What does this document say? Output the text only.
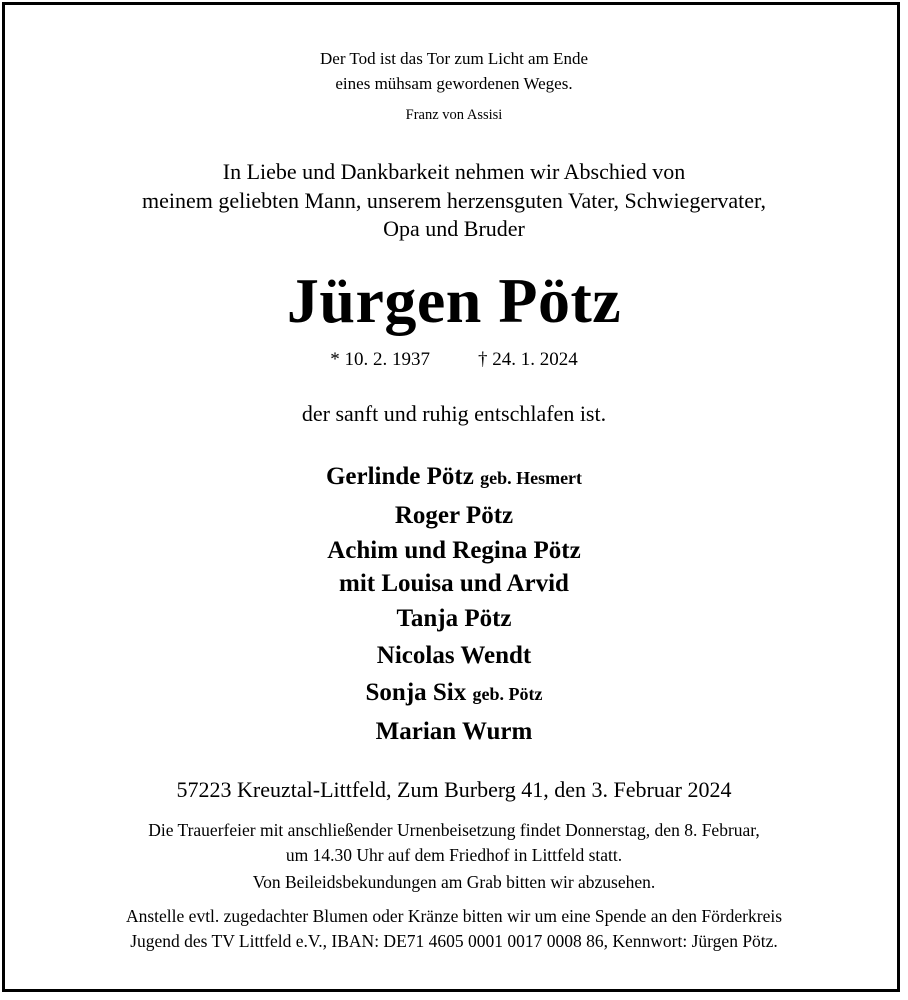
Der Tod ist das Tor zum Licht am Ende
eines mühsam gewordenen Weges.
Franz von Assisi
In Liebe und Dankbarkeit nehmen wir Abschied von
meinem geliebten Mann, unserem herzensguten Vater, Schwiegervater,
Opa und Bruder
Jürgen Pötz
* 10. 2. 1937	† 24. 1. 2024
der sanft und ruhig entschlafen ist.
Gerlinde Pötz geb. Hesmert
Roger Pötz
Achim und Regina Pötz
mit Louisa und Arvid
Tanja Pötz
Nicolas Wendt
Sonja Six geb. Pötz
Marian Wurm
57223 Kreuztal-Littfeld, Zum Burberg 41, den 3. Februar 2024
Die Trauerfeier mit anschließender Urnenbeisetzung findet Donnerstag, den 8. Februar,
um 14.30 Uhr auf dem Friedhof in Littfeld statt.
Von Beileidsbekundungen am Grab bitten wir abzusehen.
Anstelle evtl. zugedachter Blumen oder Kränze bitten wir um eine Spende an den Förderkreis
Jugend des TV Littfeld e.V., IBAN: DE71 4605 0001 0017 0008 86, Kennwort: Jürgen Pötz.
